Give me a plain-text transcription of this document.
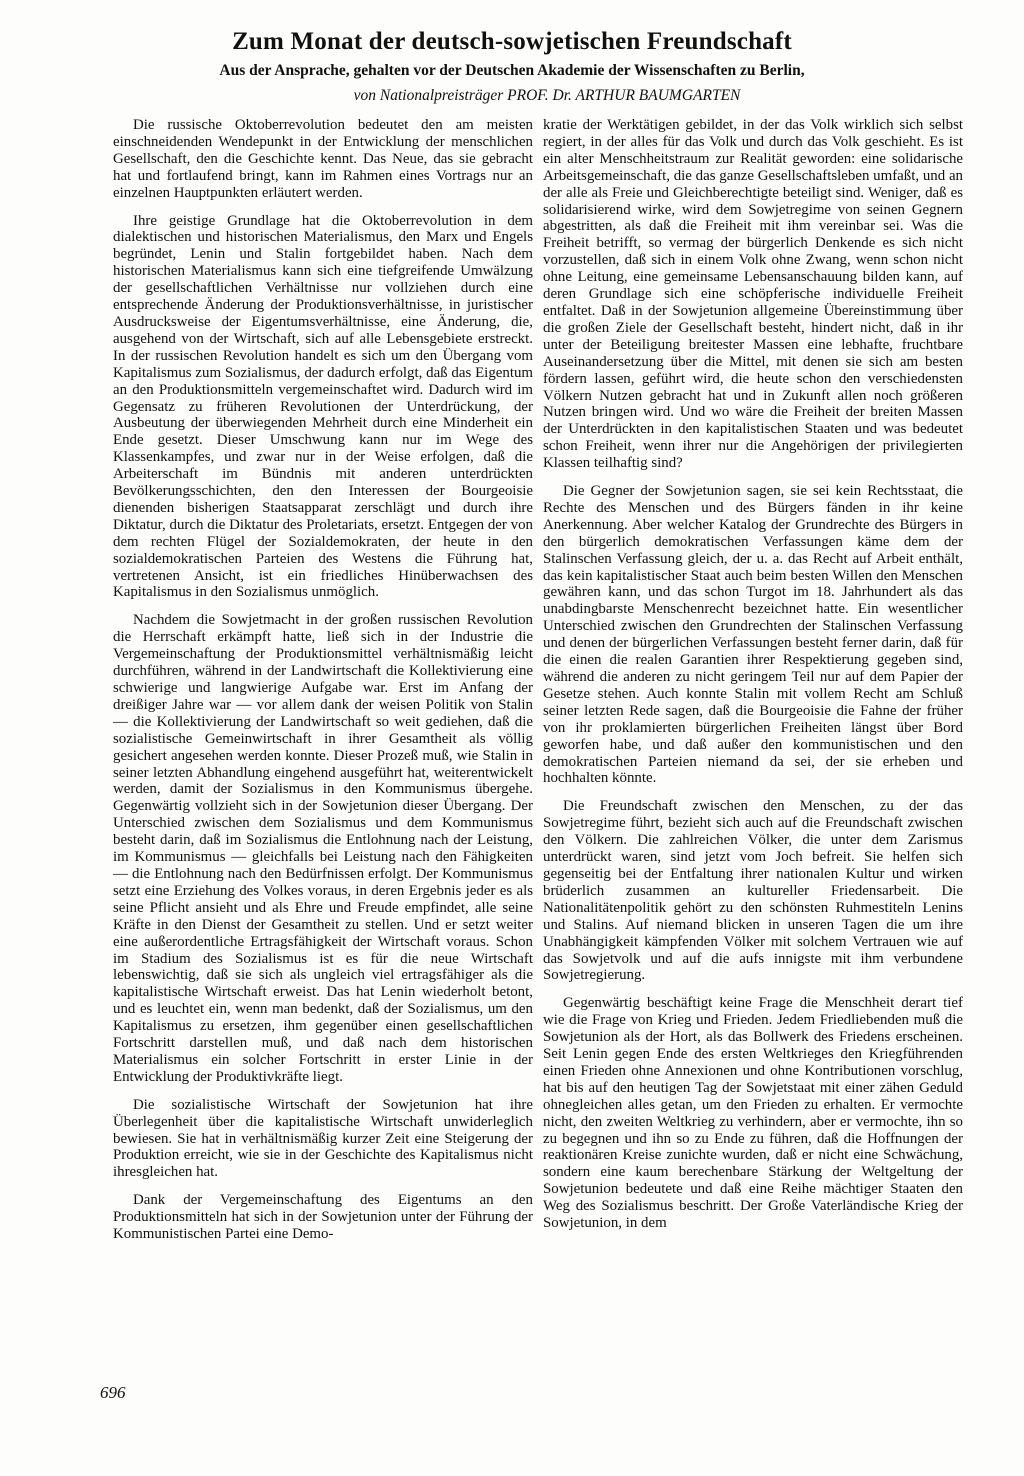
Zum Monat der deutsch-sowjetischen Freundschaft
Aus der Ansprache, gehalten vor der Deutschen Akademie der Wissenschaften zu Berlin,
von Nationalpreisträger PROF. Dr. ARTHUR BAUMGARTEN

Die russische Oktoberrevolution bedeutet den am meisten einschneidenden Wendepunkt in der Entwicklung der menschlichen Gesellschaft, den die Geschichte kennt. Das Neue, das sie gebracht hat und fortlaufend bringt, kann im Rahmen eines Vortrags nur an einzelnen Hauptpunkten erläutert werden.

Ihre geistige Grundlage hat die Oktoberrevolution in dem dialektischen und historischen Materialismus, den Marx und Engels begründet, Lenin und Stalin fortgebildet haben. Nach dem historischen Materialismus kann sich eine tiefgreifende Umwälzung der gesellschaftlichen Verhältnisse nur vollziehen durch eine entsprechende Änderung der Produktionsverhältnisse, in juristischer Ausdrucksweise der Eigentumsverhältnisse, eine Änderung, die, ausgehend von der Wirtschaft, sich auf alle Lebensgebiete erstreckt. In der russischen Revolution handelt es sich um den Übergang vom Kapitalismus zum Sozialismus, der dadurch erfolgt, daß das Eigentum an den Produktionsmitteln vergemeinschaftet wird. Dadurch wird im Gegensatz zu früheren Revolutionen der Unterdrückung, der Ausbeutung der überwiegenden Mehrheit durch eine Minderheit ein Ende gesetzt. Dieser Umschwung kann nur im Wege des Klassenkampfes, und zwar nur in der Weise erfolgen, daß die Arbeiterschaft im Bündnis mit anderen unterdrückten Bevölkerungsschichten, den den Interessen der Bourgeoisie dienenden bisherigen Staatsapparat zerschlägt und durch ihre Diktatur, durch die Diktatur des Proletariats, ersetzt. Entgegen der von dem rechten Flügel der Sozialdemokraten, der heute in den sozialdemokratischen Parteien des Westens die Führung hat, vertretenen Ansicht, ist ein friedliches Hinüberwachsen des Kapitalismus in den Sozialismus unmöglich.

Nachdem die Sowjetmacht in der großen russischen Revolution die Herrschaft erkämpft hatte, ließ sich in der Industrie die Vergemeinschaftung der Produktionsmittel verhältnismäßig leicht durchführen, während in der Landwirtschaft die Kollektivierung eine schwierige und langwierige Aufgabe war. Erst im Anfang der dreißiger Jahre war — vor allem dank der weisen Politik von Stalin — die Kollektivierung der Landwirtschaft so weit gediehen, daß die sozialistische Gemeinwirtschaft in ihrer Gesamtheit als völlig gesichert angesehen werden konnte. Dieser Prozeß muß, wie Stalin in seiner letzten Abhandlung eingehend ausgeführt hat, weiterentwickelt werden, damit der Sozialismus in den Kommunismus übergehe. Gegenwärtig vollzieht sich in der Sowjetunion dieser Übergang. Der Unterschied zwischen dem Sozialismus und dem Kommunismus besteht darin, daß im Sozialismus die Entlohnung nach der Leistung, im Kommunismus — gleichfalls bei Leistung nach den Fähigkeiten — die Entlohnung nach den Bedürfnissen erfolgt. Der Kommunismus setzt eine Erziehung des Volkes voraus, in deren Ergebnis jeder es als seine Pflicht ansieht und als Ehre und Freude empfindet, alle seine Kräfte in den Dienst der Gesamtheit zu stellen. Und er setzt weiter eine außerordentliche Ertragsfähigkeit der Wirtschaft voraus. Schon im Stadium des Sozialismus ist es für die neue Wirtschaft lebenswichtig, daß sie sich als ungleich viel ertragsfähiger als die kapitalistische Wirtschaft erweist. Das hat Lenin wiederholt betont, und es leuchtet ein, wenn man bedenkt, daß der Sozialismus, um den Kapitalismus zu ersetzen, ihm gegenüber einen gesellschaftlichen Fortschritt darstellen muß, und daß nach dem historischen Materialismus ein solcher Fortschritt in erster Linie in der Entwicklung der Produktivkräfte liegt.

Die sozialistische Wirtschaft der Sowjetunion hat ihre Überlegenheit über die kapitalistische Wirtschaft unwiderleglich bewiesen. Sie hat in verhältnismäßig kurzer Zeit eine Steigerung der Produktion erreicht, wie sie in der Geschichte des Kapitalismus nicht ihresgleichen hat.

Dank der Vergemeinschaftung des Eigentums an den Produktionsmitteln hat sich in der Sowjetunion unter der Führung der Kommunistischen Partei eine Demo-

kratie der Werktätigen gebildet, in der das Volk wirklich sich selbst regiert, in der alles für das Volk und durch das Volk geschieht. Es ist ein alter Menschheitstraum zur Realität geworden: eine solidarische Arbeitsgemeinschaft, die das ganze Gesellschaftsleben umfaßt, und an der alle als Freie und Gleichberechtigte beteiligt sind. Weniger, daß es solidarisierend wirke, wird dem Sowjetregime von seinen Gegnern abgestritten, als daß die Freiheit mit ihm vereinbar sei. Was die Freiheit betrifft, so vermag der bürgerlich Denkende es sich nicht vorzustellen, daß sich in einem Volk ohne Zwang, wenn schon nicht ohne Leitung, eine gemeinsame Lebensanschauung bilden kann, auf deren Grundlage sich eine schöpferische individuelle Freiheit entfaltet. Daß in der Sowjetunion allgemeine Übereinstimmung über die großen Ziele der Gesellschaft besteht, hindert nicht, daß in ihr unter der Beteiligung breitester Massen eine lebhafte, fruchtbare Auseinandersetzung über die Mittel, mit denen sie sich am besten fördern lassen, geführt wird, die heute schon den verschiedensten Völkern Nutzen gebracht hat und in Zukunft allen noch größeren Nutzen bringen wird. Und wo wäre die Freiheit der breiten Massen der Unterdrückten in den kapitalistischen Staaten und was bedeutet schon Freiheit, wenn ihrer nur die Angehörigen der privilegierten Klassen teilhaftig sind?

Die Gegner der Sowjetunion sagen, sie sei kein Rechtsstaat, die Rechte des Menschen und des Bürgers fänden in ihr keine Anerkennung. Aber welcher Katalog der Grundrechte des Bürgers in den bürgerlich demokratischen Verfassungen käme dem der Stalinschen Verfassung gleich, der u. a. das Recht auf Arbeit enthält, das kein kapitalistischer Staat auch beim besten Willen den Menschen gewähren kann, und das schon Turgot im 18. Jahrhundert als das unabdingbarste Menschenrecht bezeichnet hatte. Ein wesentlicher Unterschied zwischen den Grundrechten der Stalinschen Verfassung und denen der bürgerlichen Verfassungen besteht ferner darin, daß für die einen die realen Garantien ihrer Respektierung gegeben sind, während die anderen zu nicht geringem Teil nur auf dem Papier der Gesetze stehen. Auch konnte Stalin mit vollem Recht am Schluß seiner letzten Rede sagen, daß die Bourgeoisie die Fahne der früher von ihr proklamierten bürgerlichen Freiheiten längst über Bord geworfen habe, und daß außer den kommunistischen und den demokratischen Parteien niemand da sei, der sie erheben und hochhalten könnte.

Die Freundschaft zwischen den Menschen, zu der das Sowjetregime führt, bezieht sich auch auf die Freundschaft zwischen den Völkern. Die zahlreichen Völker, die unter dem Zarismus unterdrückt waren, sind jetzt vom Joch befreit. Sie helfen sich gegenseitig bei der Entfaltung ihrer nationalen Kultur und wirken brüderlich zusammen an kultureller Friedensarbeit. Die Nationalitätenpolitik gehört zu den schönsten Ruhmestiteln Lenins und Stalins. Auf niemand blicken in unseren Tagen die um ihre Unabhängigkeit kämpfenden Völker mit solchem Vertrauen wie auf das Sowjetvolk und auf die aufs innigste mit ihm verbundene Sowjetregierung.

Gegenwärtig beschäftigt keine Frage die Menschheit derart tief wie die Frage von Krieg und Frieden. Jedem Friedliebenden muß die Sowjetunion als der Hort, als das Bollwerk des Friedens erscheinen. Seit Lenin gegen Ende des ersten Weltkrieges den Kriegführenden einen Frieden ohne Annexionen und ohne Kontributionen vorschlug, hat bis auf den heutigen Tag der Sowjetstaat mit einer zähen Geduld ohnegleichen alles getan, um den Frieden zu erhalten. Er vermochte nicht, den zweiten Weltkrieg zu verhindern, aber er vermochte, ihn so zu begegnen und ihn so zu Ende zu führen, daß die Hoffnungen der reaktionären Kreise zunichte wurden, daß er nicht eine Schwächung, sondern eine kaum berechenbare Stärkung der Weltgeltung der Sowjetunion bedeutete und daß eine Reihe mächtiger Staaten den Weg des Sozialismus beschritt. Der Große Vaterländische Krieg der Sowjetunion, in dem

696
